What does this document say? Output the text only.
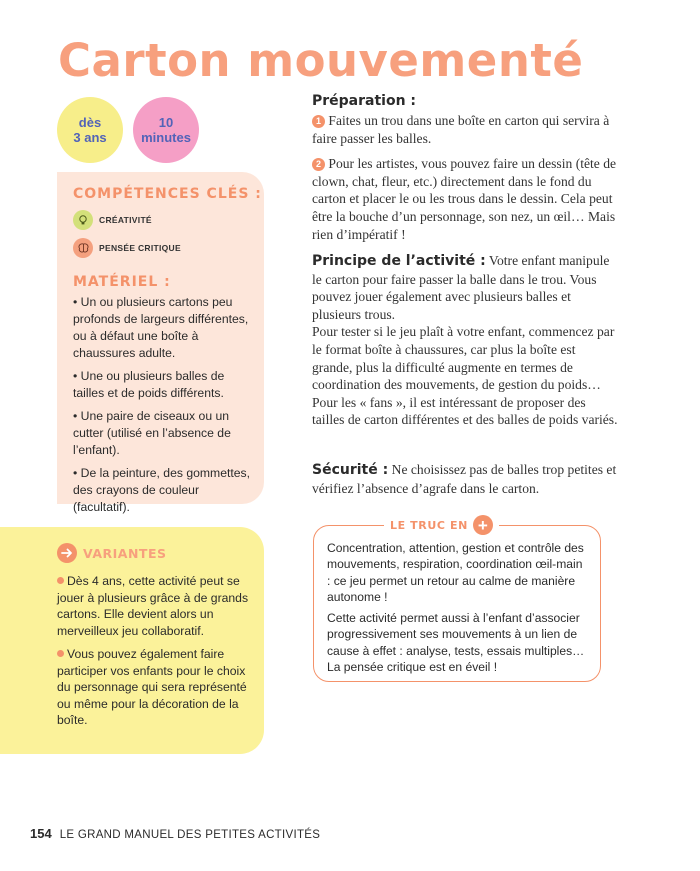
Carton mouvementé
dès
3 ans
10
minutes
COMPÉTENCES CLÉS :
CRÉATIVITÉ
PENSÉE CRITIQUE
MATÉRIEL :
• Un ou plusieurs cartons peu profonds de largeurs différentes, ou à défaut une boîte à chaussures adulte.
• Une ou plusieurs balles de tailles et de poids différents.
• Une paire de ciseaux ou un cutter (utilisé en l’absence de l’enfant).
• De la peinture, des gommettes, des crayons de couleur (facultatif).
VARIANTES
Dès 4 ans, cette activité peut se jouer à plusieurs grâce à de grands cartons. Elle devient alors un merveilleux jeu collaboratif.
Vous pouvez également faire participer vos enfants pour le choix du personnage qui sera représenté ou même pour la décoration de la boîte.
Préparation :

1 Faites un trou dans une boîte en carton qui servira à faire passer les balles.

2 Pour les artistes, vous pouvez faire un dessin (tête de clown, chat, fleur, etc.) directement dans le fond du carton et placer le ou les trous dans le dessin. Cela peut être la bouche d’un personnage, son nez, un œil… Mais rien d’impératif !

Principe de l’activité : Votre enfant manipule le carton pour faire passer la balle dans le trou. Vous pouvez jouer également avec plusieurs balles et plusieurs trous.

Pour tester si le jeu plaît à votre enfant, commencez par le format boîte à chaussures, car plus la boîte est grande, plus la difficulté augmente en termes de coordination des mouvements, de gestion du poids… Pour les « fans », il est intéressant de proposer des tailles de carton différentes et des balles de poids variés.

Sécurité : Ne choisissez pas de balles trop petites et vérifiez l’absence d’agrafe dans le carton.

LE TRUC EN +

Concentration, attention, gestion et contrôle des mouvements, respiration, coordination œil-main : ce jeu permet un retour au calme de manière autonome !

Cette activité permet aussi à l’enfant d’associer progressivement ses mouvements à un lien de cause à effet : analyse, tests, essais multiples… La pensée critique est en éveil !

154 LE GRAND MANUEL DES PETITES ACTIVITÉS
